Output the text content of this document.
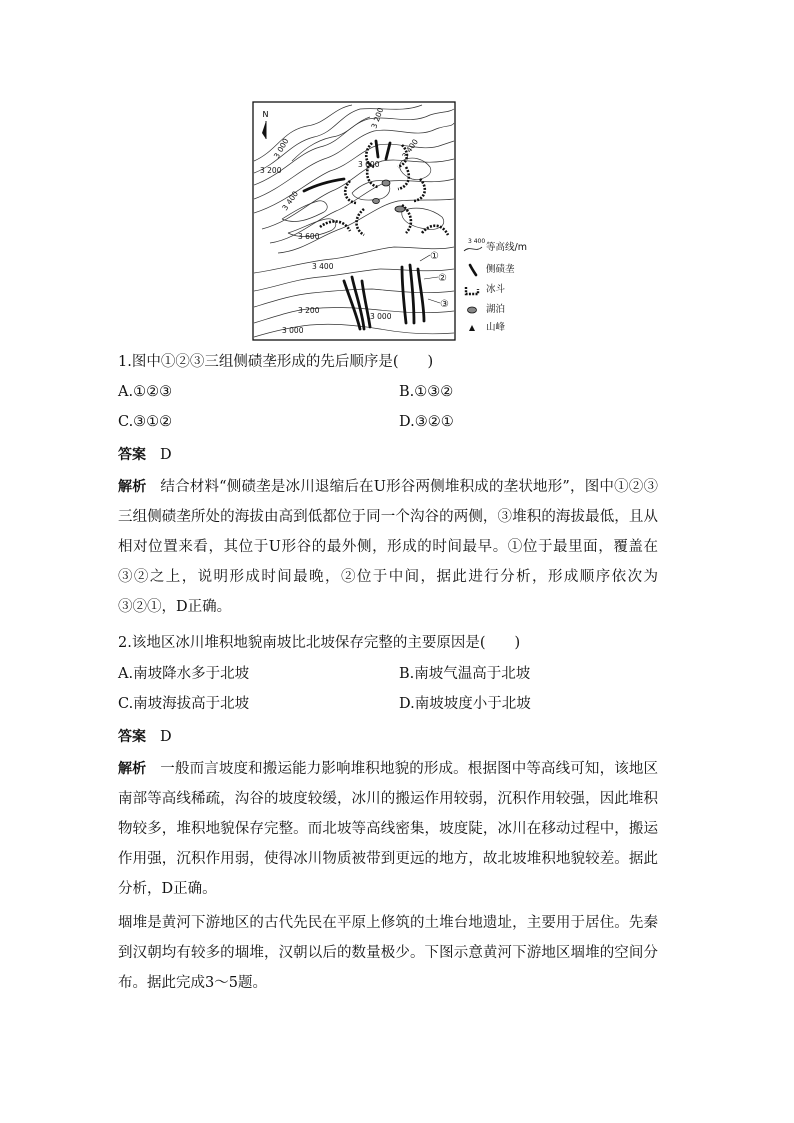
N
3 200
3 000
3 600
3 400
3 200
3 400
3 600
3 400
3 200
3 000
3 000
①
②
③
3 400
等高线/m
侧碛垄
冰斗
湖泊
山峰
1.图中①②③三组侧碛垄形成的先后顺序是(　　)
A.①②③	B.①③②
C.③①②	D.③②①
答案 D
解析 结合材料“侧碛垄是冰川退缩后在U形谷两侧堆积成的垄状地形”，图中①②③三组侧碛垄所处的海拔由高到低都位于同一个沟谷的两侧，③堆积的海拔最低，且从相对位置来看，其位于U形谷的最外侧，形成的时间最早。①位于最里面，覆盖在③②之上，说明形成时间最晚，②位于中间，据此进行分析，形成顺序依次为③②①，D正确。
2.该地区冰川堆积地貌南坡比北坡保存完整的主要原因是(　　)
A.南坡降水多于北坡	B.南坡气温高于北坡
C.南坡海拔高于北坡	D.南坡坡度小于北坡
答案 D
解析 一般而言坡度和搬运能力影响堆积地貌的形成。根据图中等高线可知，该地区南部等高线稀疏，沟谷的坡度较缓，冰川的搬运作用较弱，沉积作用较强，因此堆积物较多，堆积地貌保存完整。而北坡等高线密集，坡度陡，冰川在移动过程中，搬运作用强，沉积作用弱，使得冰川物质被带到更远的地方，故北坡堆积地貌较差。据此分析，D正确。
堌堆是黄河下游地区的古代先民在平原上修筑的土堆台地遗址，主要用于居住。先秦到汉朝均有较多的堌堆，汉朝以后的数量极少。下图示意黄河下游地区堌堆的空间分布。据此完成3～5题。
